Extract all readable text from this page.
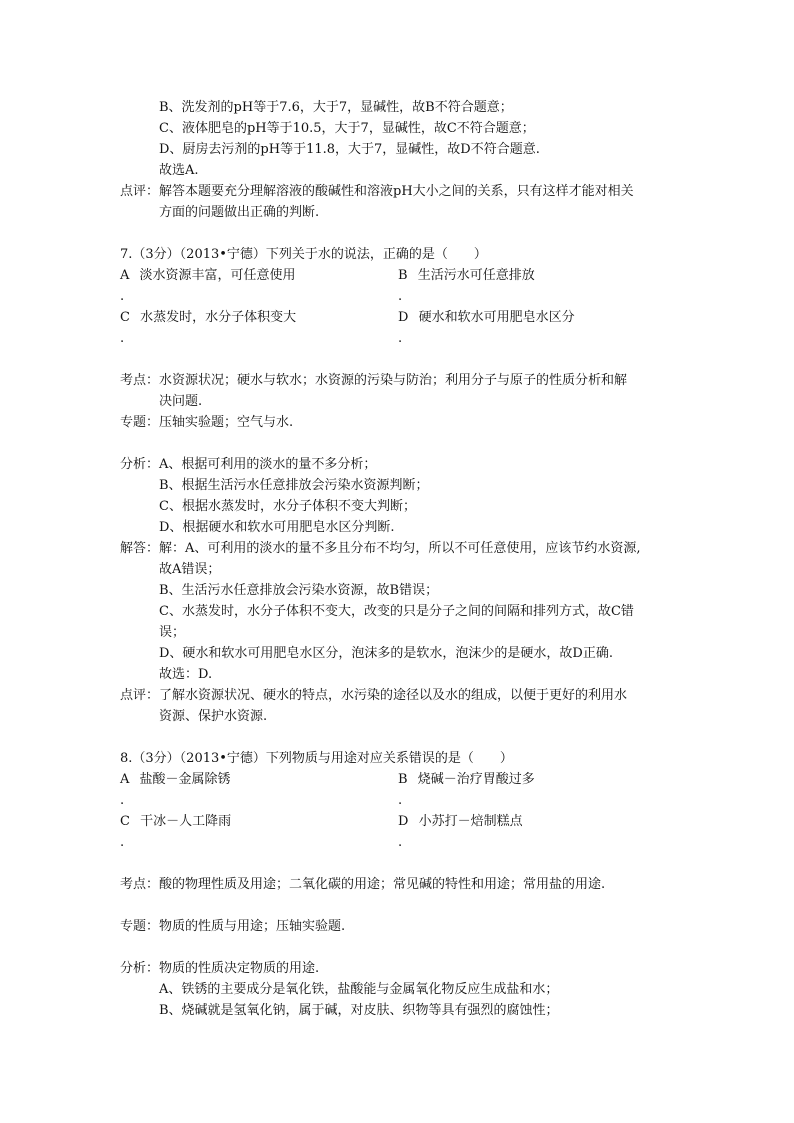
B、洗发剂的pH等于7.6，大于7，显碱性，故B不符合题意；
C、液体肥皂的pH等于10.5，大于7，显碱性，故C不符合题意；
D、厨房去污剂的pH等于11.8，大于7，显碱性，故D不符合题意.
故选A.
点评： 解答本题要充分理解溶液的酸碱性和溶液pH大小之间的关系，只有这样才能对相关
方面的问题做出正确的判断.
7.（3分）（2013•宁德）下列关于水的说法，正确的是（　　）
A 淡水资源丰富，可任意使用
.
B 生活污水可任意排放
.
C 水蒸发时，水分子体积变大
.
D 硬水和软水可用肥皂水区分
.
考点： 水资源状况；硬水与软水；水资源的污染与防治；利用分子与原子的性质分析和解
决问题.
专题： 压轴实验题；空气与水.
分析： A、根据可利用的淡水的量不多分析；
B、根据生活污水任意排放会污染水资源判断；
C、根据水蒸发时，水分子体积不变大判断；
D、根据硬水和软水可用肥皂水区分判断.
解答： 解：A、可利用的淡水的量不多且分布不均匀，所以不可任意使用，应该节约水资源,
故A错误；
B、生活污水任意排放会污染水资源，故B错误；
C、水蒸发时，水分子体积不变大，改变的只是分子之间的间隔和排列方式，故C错
误；
D、硬水和软水可用肥皂水区分，泡沫多的是软水，泡沫少的是硬水，故D正确.
故选：D.
点评： 了解水资源状况、硬水的特点，水污染的途径以及水的组成，以便于更好的利用水
资源、保护水资源.
8.（3分）（2013•宁德）下列物质与用途对应关系错误的是（　　）
A 盐酸－金属除锈
.
B 烧碱－治疗胃酸过多
.
C 干冰－人工降雨
.
D 小苏打－焙制糕点
.
考点： 酸的物理性质及用途；二氧化碳的用途；常见碱的特性和用途；常用盐的用途.
专题： 物质的性质与用途；压轴实验题.
分析： 物质的性质决定物质的用途.
A、铁锈的主要成分是氧化铁，盐酸能与金属氧化物反应生成盐和水；
B、烧碱就是氢氧化钠，属于碱，对皮肤、织物等具有强烈的腐蚀性；
